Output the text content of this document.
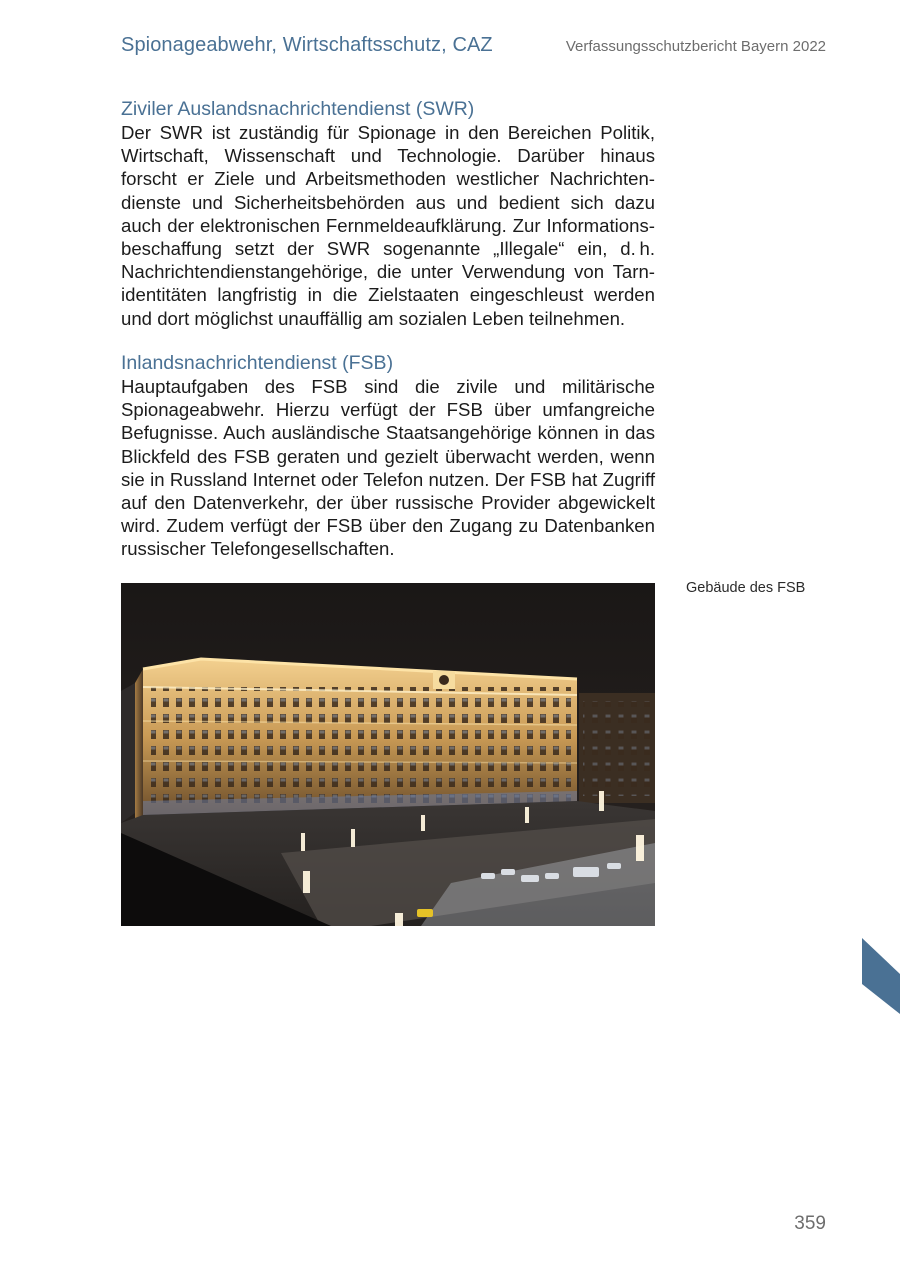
Spionageabwehr, Wirtschaftsschutz, CAZ	Verfassungsschutzbericht Bayern 2022
Ziviler Auslandsnachrichtendienst (SWR)

Der SWR ist zuständig für Spionage in den Bereichen Politik, Wirtschaft, Wissenschaft und Technologie. Darüber hinaus forscht er Ziele und Arbeitsmethoden westlicher Nachrichtendienste und Sicherheitsbehörden aus und bedient sich dazu auch der elektronischen Fernmeldeaufklärung. Zur Informationsbeschaffung setzt der SWR sogenannte „Illegale“ ein, d. h. Nachrichtendienstangehörige, die unter Verwendung von Tarnidentitäten langfristig in die Zielstaaten eingeschleust werden und dort möglichst unauffällig am sozialen Leben teilnehmen.

Inlandsnachrichtendienst (FSB)

Hauptaufgaben des FSB sind die zivile und militärische Spionageabwehr. Hierzu verfügt der FSB über umfangreiche Befugnisse. Auch ausländische Staatsangehörige können in das Blickfeld des FSB geraten und gezielt überwacht werden, wenn sie in Russland Internet oder Telefon nutzen. Der FSB hat Zugriff auf den Datenverkehr, der über russische Provider abgewickelt wird. Zudem verfügt der FSB über den Zugang zu Datenbanken russischer Telefongesellschaften.

Gebäude des FSB
359
